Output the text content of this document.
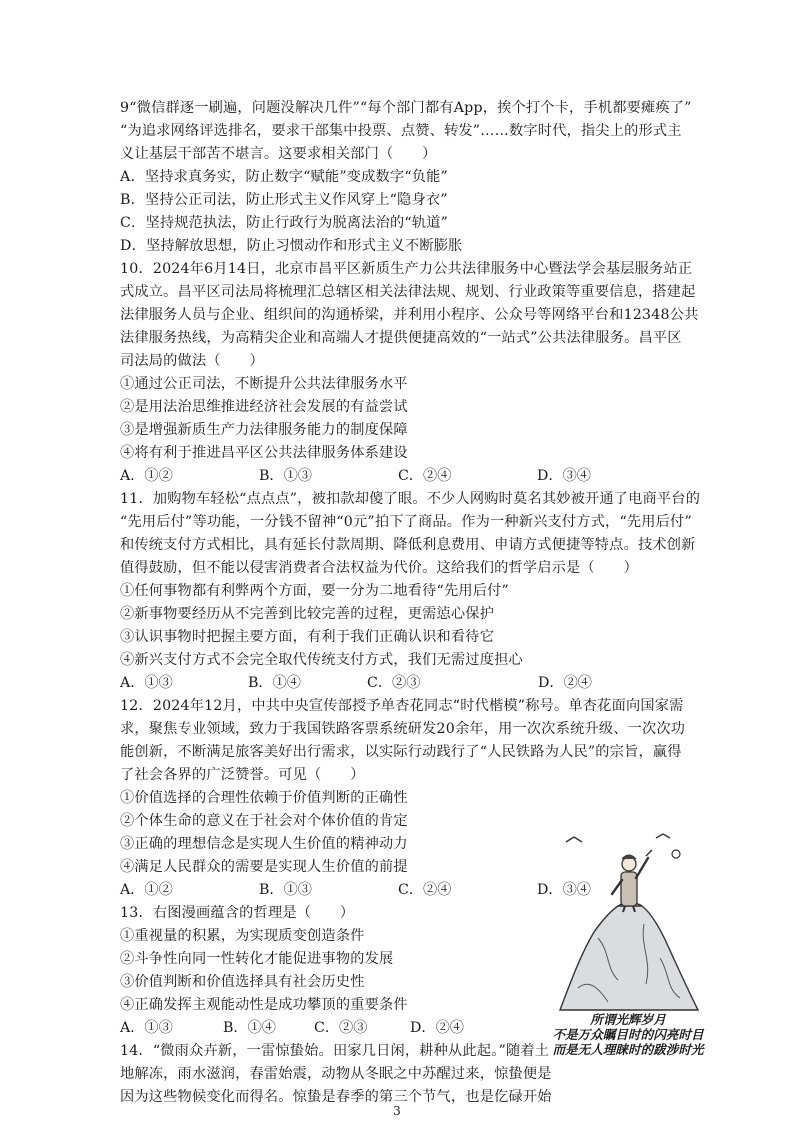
9“微信群逐一刷遍，问题没解决几件”“每个部门都有App，挨个打个卡，手机都要瘫痪了”
“为追求网络评选排名，要求干部集中投票、点赞、转发”……数字时代，指尖上的形式主
义让基层干部苦不堪言。这要求相关部门（　　）
A．坚持求真务实，防止数字“赋能”变成数字“负能”
B．坚持公正司法，防止形式主义作风穿上“隐身衣”
C．坚持规范执法，防止行政行为脱离法治的“轨道”
D．坚持解放思想，防止习惯动作和形式主义不断膨胀
10．2024年6月14日，北京市昌平区新质生产力公共法律服务中心暨法学会基层服务站正
式成立。昌平区司法局将梳理汇总辖区相关法律法规、规划、行业政策等重要信息，搭建起
法律服务人员与企业、组织间的沟通桥梁，并利用小程序、公众号等网络平台和12348公共
法律服务热线，为高精尖企业和高端人才提供便捷高效的“一站式”公共法律服务。昌平区
司法局的做法（　　）
①通过公正司法，不断提升公共法律服务水平
②是用法治思维推进经济社会发展的有益尝试
③是增强新质生产力法律服务能力的制度保障
④将有利于推进昌平区公共法律服务体系建设
A．①②	B．①③	C．②④	D．③④
11．加购物车轻松“点点点”，被扣款却傻了眼。不少人网购时莫名其妙被开通了电商平台的
“先用后付”等功能，一分钱不留神“0元”拍下了商品。作为一种新兴支付方式，“先用后付”
和传统支付方式相比，具有延长付款周期、降低利息费用、申请方式便捷等特点。技术创新
值得鼓励，但不能以侵害消费者合法权益为代价。这给我们的哲学启示是（　　）
①任何事物都有利弊两个方面，要一分为二地看待“先用后付”
②新事物要经历从不完善到比较完善的过程，更需惉心保护
③认识事物时把握主要方面，有利于我们正确认识和看待它
④新兴支付方式不会完全取代传统支付方式，我们无需过度担心
A．①③	B．①④	C．②③	D．②④
12．2024年12月，中共中央宣传部授予单杏花同志“时代楷模”称号。单杏花面向国家需
求，聚焦专业领域，致力于我国铁路客票系统研发20余年，用一次次系统升级、一次次功
能创新，不断满足旅客美好出行需求，以实际行动践行了“人民铁路为人民”的宗旨，赢得
了社会各界的广泛赞誉。可见（　　）
①价值选择的合理性依赖于价值判断的正确性
②个体生命的意义在于社会对个体价值的肯定
③正确的理想信念是实现人生价值的精神动力
④满足人民群众的需要是实现人生价值的前提
A．①②	B．①③	C．②④	D．③④
13．右图漫画蕴含的哲理是（　　）
①重视量的积累，为实现质变创造条件
②斗争性向同一性转化才能促进事物的发展
③价值判断和价值选择具有社会历史性
④正确发挥主观能动性是成功攀顶的重要条件
A．①③	B．①④	C．②③	D．②④
所谓光辉岁月
不是万众瞩目时的闪亮时目
而是无人理睐时的跋涉时光
14．“微雨众卉新，一雷惊蛰始。田家几日闲，耕种从此起。”随着土
地解冻，雨水滋润，春雷始震，动物从冬眠之中苏醒过来，惊蛰便是
因为这些物候变化而得名。惊蛰是春季的第三个节气，也是仡碌开始
3
